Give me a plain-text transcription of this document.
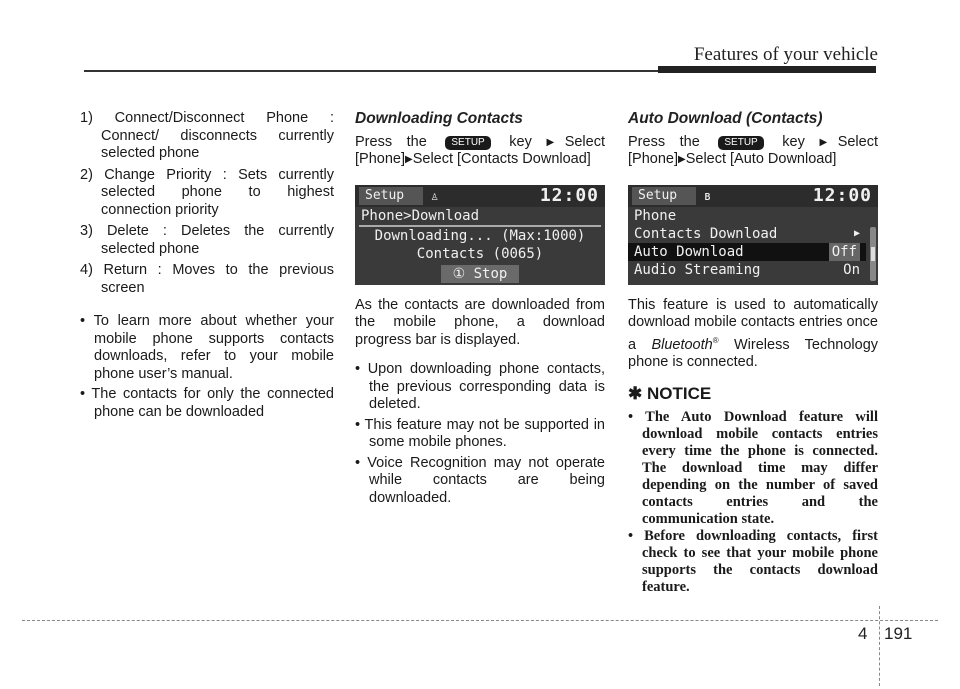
Features of your vehicle

1) Connect/Disconnect Phone : Connect/ disconnects currently selected phone

2) Change Priority : Sets currently selected phone to highest connection priority

3) Delete : Deletes the currently selected phone

4) Return : Moves to the previous screen

• To learn more about whether your mobile phone supports contacts downloads, refer to your mobile phone user’s manual.

• The contacts for only the connected phone can be downloaded

Downloading Contacts

Press the SETUP key ▶Select [Phone]▶Select [Contacts Download]

Setup	♙	12:00
Phone>Download
Downloading... (Max:1000)
Contacts (0065)
① Stop

As the contacts are downloaded from the mobile phone, a download progress bar is displayed.

• Upon downloading phone contacts, the previous corresponding data is deleted.

• This feature may not be supported in some mobile phones.

• Voice Recognition may not operate while contacts are being downloaded.

Auto Download (Contacts)

Press the SETUP key ▶Select [Phone]▶Select [Auto Download]

Setup	ʙ	12:00
Phone
Contacts Download	▶
Auto Download	Off
Audio Streaming	On

This feature is used to automatically download mobile contacts entries once a Bluetooth® Wireless Technology phone is connected.

✱ NOTICE

• The Auto Download feature will download mobile contacts entries every time the phone is connected. The download time may differ depending on the number of saved contacts entries and the communication state.

• Before downloading contacts, first check to see that your mobile phone supports the contacts download feature.

4 191
